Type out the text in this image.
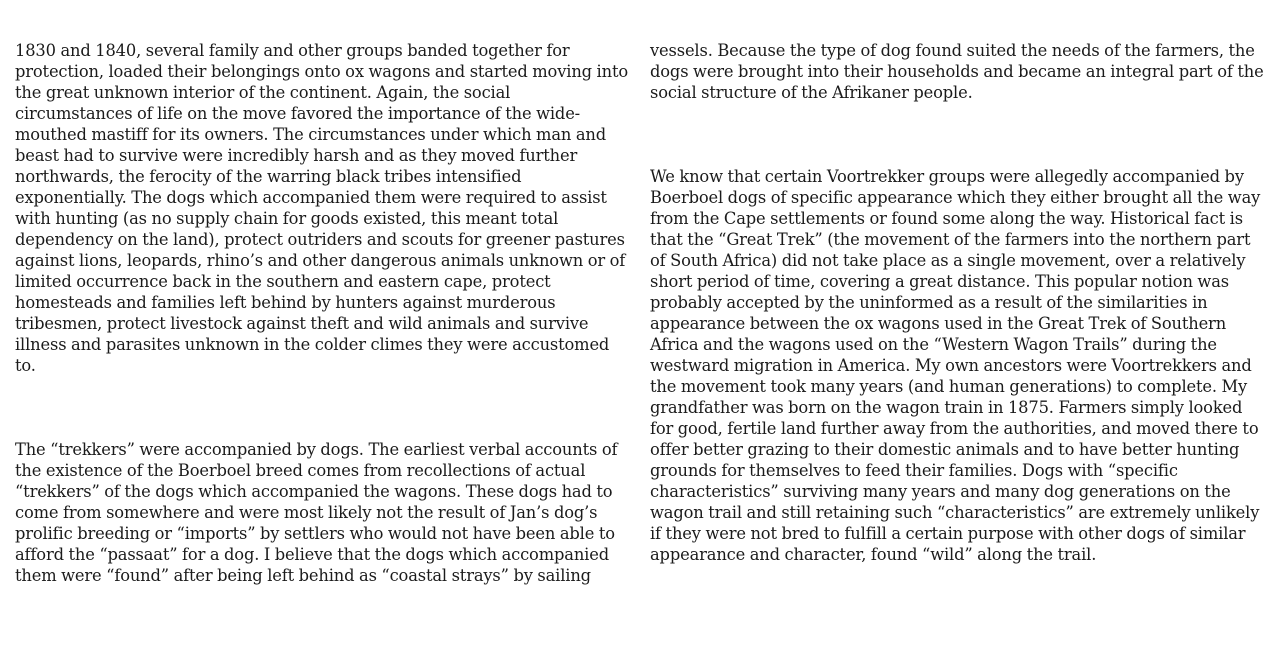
1830 and 1840, several family and other groups banded together for protection, loaded their belongings onto ox wagons and started moving into the great unknown interior of the continent. Again, the social circumstances of life on the move favored the importance of the wide-mouthed mastiff for its owners. The circumstances under which man and beast had to survive were incredibly harsh and as they moved further northwards, the ferocity of the warring black tribes intensified exponentially. The dogs which accompanied them were required to assist with hunting (as no supply chain for goods existed, this meant total dependency on the land), protect outriders and scouts for greener pastures against lions, leopards, rhino’s and other dangerous animals unknown or of limited occurrence back in the southern and eastern cape, protect homesteads and families left behind by hunters against murderous tribesmen, protect livestock against theft and wild animals and survive illness and parasites unknown in the colder climes they were accustomed to.

The “trekkers” were accompanied by dogs. The earliest verbal accounts of the existence of the Boerboel breed comes from recollections of actual “trekkers” of the dogs which accompanied the wagons. These dogs had to come from somewhere and were most likely not the result of Jan’s dog’s prolific breeding or “imports” by settlers who would not have been able to afford the “passaat” for a dog. I believe that the dogs which accompanied them were “found” after being left behind as “coastal strays” by sailing

vessels. Because the type of dog found suited the needs of the farmers, the dogs were brought into their households and became an integral part of the social structure of the Afrikaner people.

We know that certain Voortrekker groups were allegedly accompanied by Boerboel dogs of specific appearance which they either brought all the way from the Cape settlements or found some along the way. Historical fact is that the “Great Trek” (the movement of the farmers into the northern part of South Africa) did not take place as a single movement, over a relatively short period of time, covering a great distance. This popular notion was probably accepted by the uninformed as a result of the similarities in appearance between the ox wagons used in the Great Trek of Southern Africa and the wagons used on the “Western Wagon Trails” during the westward migration in America. My own ancestors were Voortrekkers and the movement took many years (and human generations) to complete. My grandfather was born on the wagon train in 1875. Farmers simply looked for good, fertile land further away from the authorities, and moved there to offer better grazing to their domestic animals and to have better hunting grounds for themselves to feed their families. Dogs with “specific characteristics” surviving many years and many dog generations on the wagon trail and still retaining such “characteristics” are extremely unlikely if they were not bred to fulfill a certain purpose with other dogs of similar appearance and character, found “wild” along the trail.
